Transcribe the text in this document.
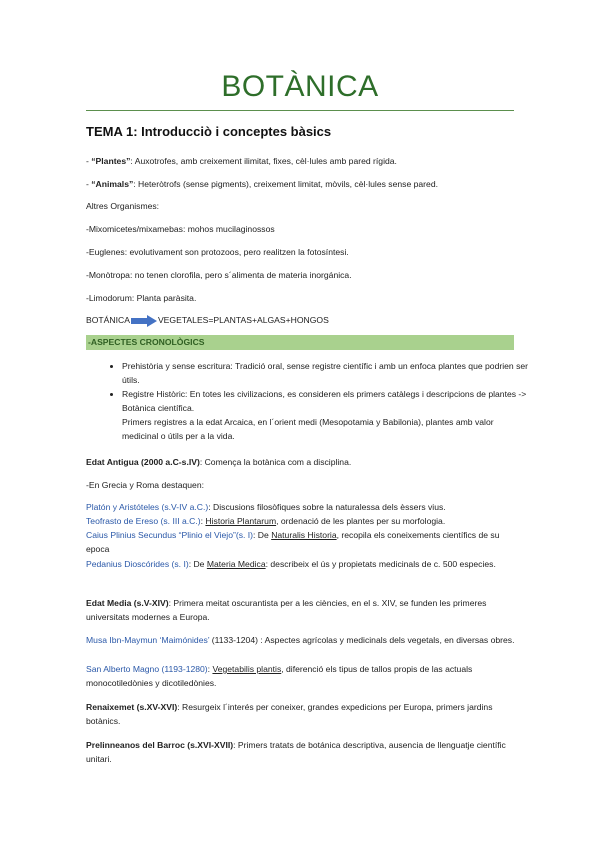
BOTÀNICA
TEMA 1: Introducciò i conceptes bàsics
- “Plantes”: Auxotrofes, amb creixement ilimitat, fixes, cèl·lules amb pared rígida.
- “Animals”: Heteròtrofs (sense pigments), creixement limitat, mòvils, cèl·lules sense pared.
Altres Organismes:
-Mixomicetes/mixamebas: mohos mucilaginossos
-Euglenes: evolutivament son protozoos, pero realitzen la fotosíntesi.
-Monòtropa: no tenen clorofila, pero s´alimenta de materia inorgánica.
-Limodorum: Planta paràsita.
BOTÁNICA	VEGETALES=PLANTAS+ALGAS+HONGOS
-ASPECTES CRONOLÒGICS
• Prehistòria y sense escritura: Tradició oral, sense registre científic i amb un enfoca plantes que podrien ser útils.
• Registre Històric: En totes les civilizacions, es consideren els primers catàlegs i descripcions de plantes -> Botànica científica.
Primers registres a la edat Arcaica, en l´orient medi (Mesopotamia y Babilonia), plantes amb valor medicinal o útils per a la vida.
Edat Antigua (2000 a.C-s.IV): Comença la botànica com a disciplina.
-En Grecia y Roma destaquen:
Platón y Aristóteles (s.V-IV a.C.): Discusions filosòfiques sobre la naturalessa dels èssers vius.
Teofrasto de Ereso (s. III a.C.): Historia Plantarum, ordenació de les plantes per su morfologia.
Caius Plinius Secundus “Plinio el Viejo”(s. I): De Naturalis Historia, recopila els coneixements científics de su epoca
Pedanius Dioscórides (s. I): De Materia Medica: describeix el ús y propietats medicinals de c. 500 especies.
Edat Media (s.V-XIV): Primera meitat oscurantista per a les ciències, en el s. XIV, se funden les primeres universitats modernes a Europa.
Musa Ibn-Maymun ‘Maimónides’ (1133-1204) : Aspectes agrícolas y medicinals dels vegetals, en diversas obres.
San Alberto Magno (1193-1280): Vegetabilis plantis, diferenció els tipus de tallos propis de las actuals monocotiledònies y dicotiledònies.
Renaixemet (s.XV-XVI): Resurgeix l´interés per coneixer, grandes expedicions per Europa, primers jardins botànics.
Prelinneanos del Barroc (s.XVI-XVII): Primers tratats de botánica descriptiva, ausencia de llenguatje científic unitari.
